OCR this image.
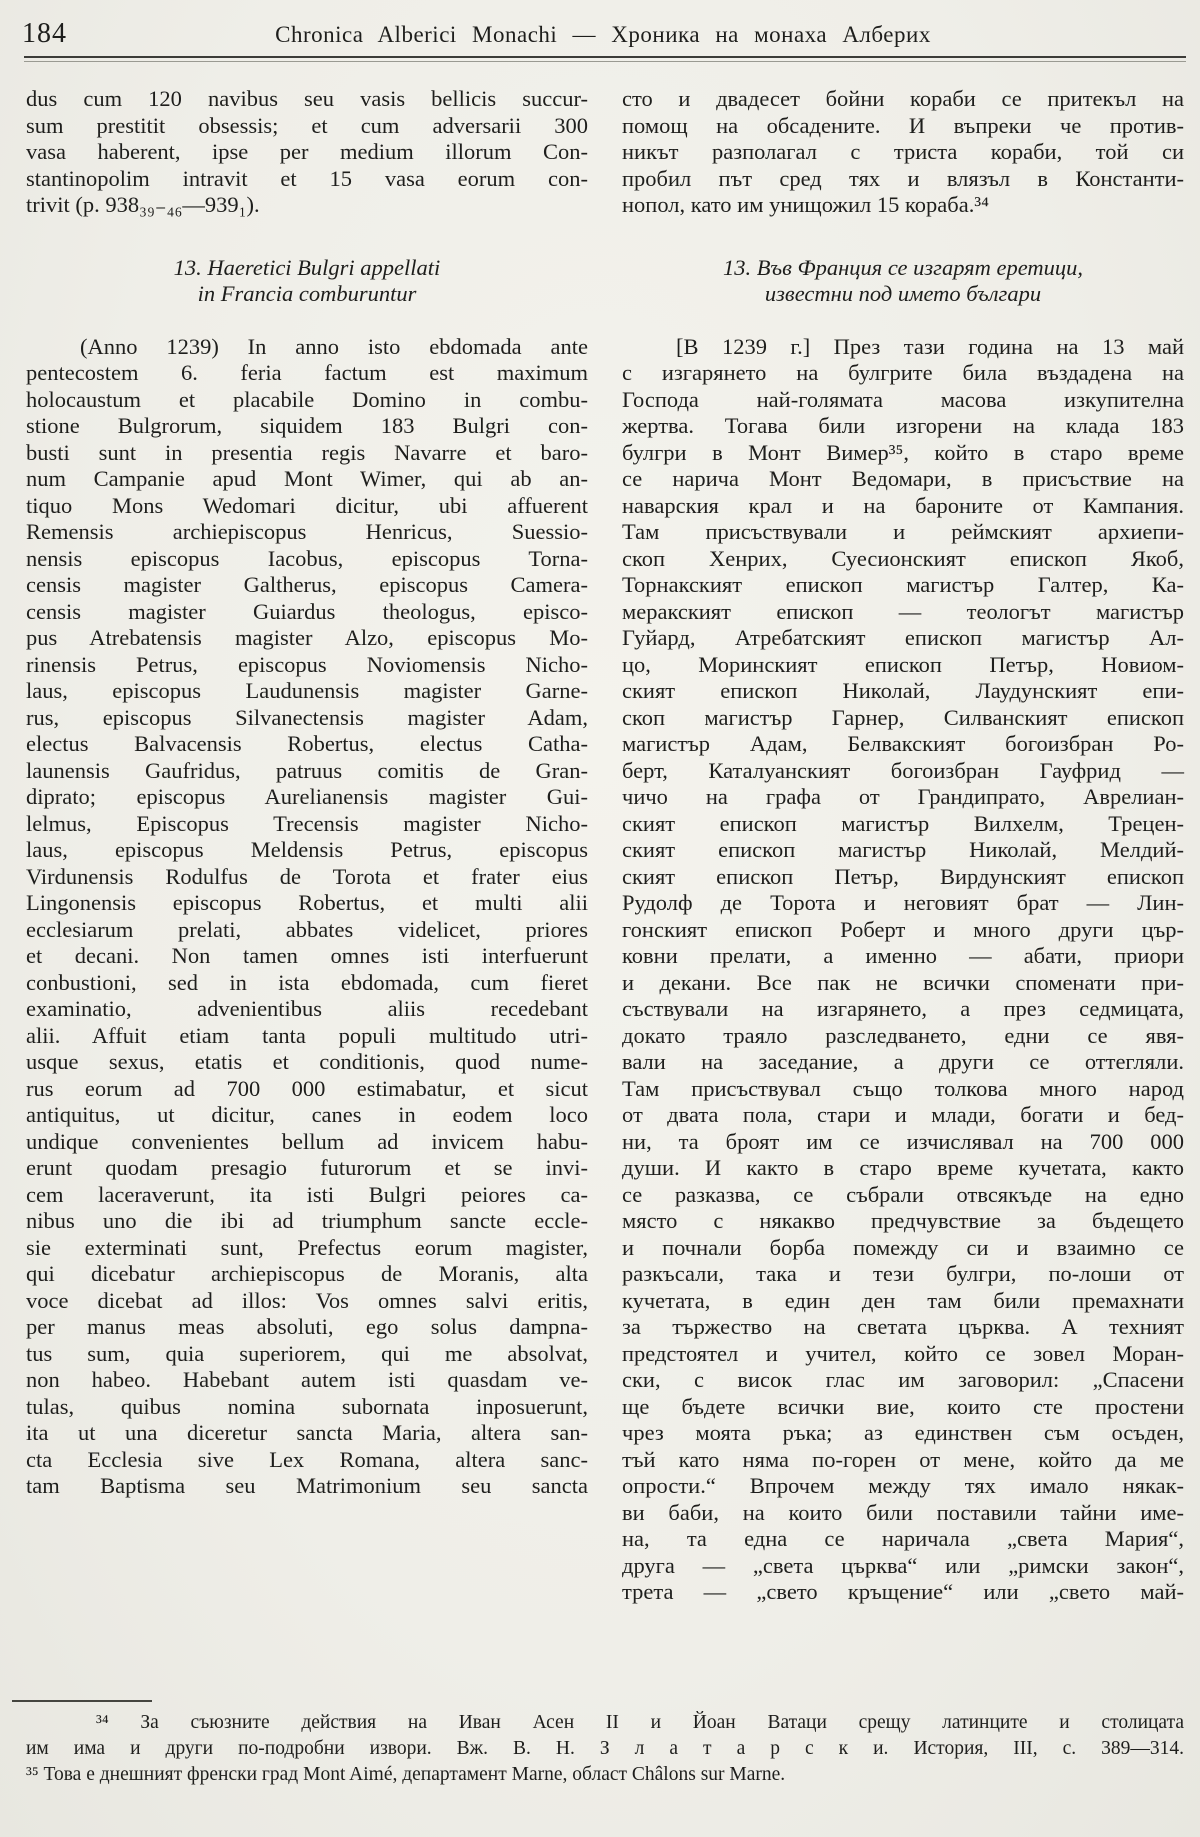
184	Chronica Alberici Monachi — Хроника на монаха Алберих
dus cum 120 navibus seu vasis bellicis succur-
sum prestitit obsessis; et cum adversarii 300
vasa haberent, ipse per medium illorum Con-
stantinopolim intravit et 15 vasa eorum con-
trivit (p. 938₃₉₋₄₆—939₁).
13. Haeretici Bulgri appellati
in Francia comburuntur
(Anno 1239) In anno isto ebdomada ante
pentecostem 6. feria factum est maximum
holocaustum et placabile Domino in combu-
stione Bulgrorum, siquidem 183 Bulgri con-
busti sunt in presentia regis Navarre et baro-
num Campanie apud Mont Wimer, qui ab an-
tiquo Mons Wedomari dicitur, ubi affuerent
Remensis archiepiscopus Henricus, Suessio-
nensis episcopus Iacobus, episcopus Torna-
censis magister Galtherus, episcopus Camera-
censis magister Guiardus theologus, episco-
pus Atrebatensis magister Alzo, episcopus Mo-
rinensis Petrus, episcopus Noviomensis Nicho-
laus, episcopus Laudunensis magister Garne-
rus, episcopus Silvanectensis magister Adam,
electus Balvacensis Robertus, electus Catha-
launensis Gaufridus, patruus comitis de Gran-
diprato; episcopus Aurelianensis magister Gui-
lelmus, Episcopus Trecensis magister Nicho-
laus, episcopus Meldensis Petrus, episcopus
Virdunensis Rodulfus de Torota et frater eius
Lingonensis episcopus Robertus, et multi alii
ecclesiarum prelati, abbates videlicet, priores
et decani. Non tamen omnes isti interfuerunt
conbustioni, sed in ista ebdomada, cum fieret
examinatio, advenientibus aliis recedebant
alii. Affuit etiam tanta populi multitudo utri-
usque sexus, etatis et conditionis, quod nume-
rus eorum ad 700 000 estimabatur, et sicut
antiquitus, ut dicitur, canes in eodem loco
undique convenientes bellum ad invicem habu-
erunt quodam presagio futurorum et se invi-
cem laceraverunt, ita isti Bulgri peiores ca-
nibus uno die ibi ad triumphum sancte eccle-
sie exterminati sunt, Prefectus eorum magister,
qui dicebatur archiepiscopus de Moranis, alta
voce dicebat ad illos: Vos omnes salvi eritis,
per manus meas absoluti, ego solus dampna-
tus sum, quia superiorem, qui me absolvat,
non habeo. Habebant autem isti quasdam ve-
tulas, quibus nomina subornata inposuerunt,
ita ut una diceretur sancta Maria, altera san-
cta Ecclesia sive Lex Romana, altera sanc-
tam Baptisma seu Matrimonium seu sancta
сто и двадесет бойни кораби се притекъл на
помощ на обсадените. И въпреки че против-
никът разполагал с триста кораби, той си
пробил път сред тях и влязъл в Константи-
нопол, като им унищожил 15 кораба.³⁴
13. Във Франция се изгарят еретици,
известни под името българи
[В 1239 г.] През тази година на 13 май
с изгарянето на булгрите била въздадена на
Господа най-голямата масова изкупителна
жертва. Тогава били изгорени на клада 183
булгри в Монт Вимер³⁵, който в старо време
се нарича Монт Ведомари, в присъствие на
наварския крал и на бароните от Кампания.
Там присъствували и реймският архиепи-
скоп Хенрих, Суесионският епископ Якоб,
Торнакският епископ магистър Галтер, Ка-
меракският епископ — теологът магистър
Гуйард, Атребатският епископ магистър Ал-
цо, Моринският епископ Петър, Новиом-
ският епископ Николай, Лаудунският епи-
скоп магистър Гарнер, Силванският епископ
магистър Адам, Белвакският богоизбран Ро-
берт, Каталуанският богоизбран Гауфрид —
чичо на графа от Грандипрато, Аврелиан-
ският епископ магистър Вилхелм, Трецен-
ският епископ магистър Николай, Мелдий-
ският епископ Петър, Вирдунският епископ
Рудолф де Торота и неговият брат — Лин-
гонският епископ Роберт и много други цър-
ковни прелати, а именно — абати, приори
и декани. Все пак не всички споменати при-
съствували на изгарянето, а през седмицата,
докато траяло разследването, едни се явя-
вали на заседание, а други се оттегляли.
Там присъствувал също толкова много народ
от двата пола, стари и млади, богати и бед-
ни, та броят им се изчислявал на 700 000
души. И както в старо време кучетата, както
се разказва, се събрали отвсякъде на едно
място с някакво предчувствие за бъдещето
и почнали борба помежду си и взаимно се
разкъсали, така и тези булгри, по-лоши от
кучетата, в един ден там били премахнати
за тържество на светата църква. А техният
предстоятел и учител, който се зовел Моран-
ски, с висок глас им заговорил: „Спасени
ще бъдете всички вие, които сте простени
чрез моята ръка; аз единствен съм осъден,
тъй като няма по-горен от мене, който да ме
опрости.“ Впрочем между тях имало някак-
ви баби, на които били поставили тайни име-
на, та една се наричала „света Мария“,
друга — „света църква“ или „римски закон“,
трета — „свето кръщение“ или „свето май-
³⁴ За съюзните действия на Иван Асен II и Йоан Ватаци срещу латинците и столицата
им има и други по-подробни извори. Вж. В. Н. З л а т а р с к и. История, III, с. 389—314.
³⁵ Това е днешният френски град Mont Aimé, департамент Marne, област Châlons sur Marne.
